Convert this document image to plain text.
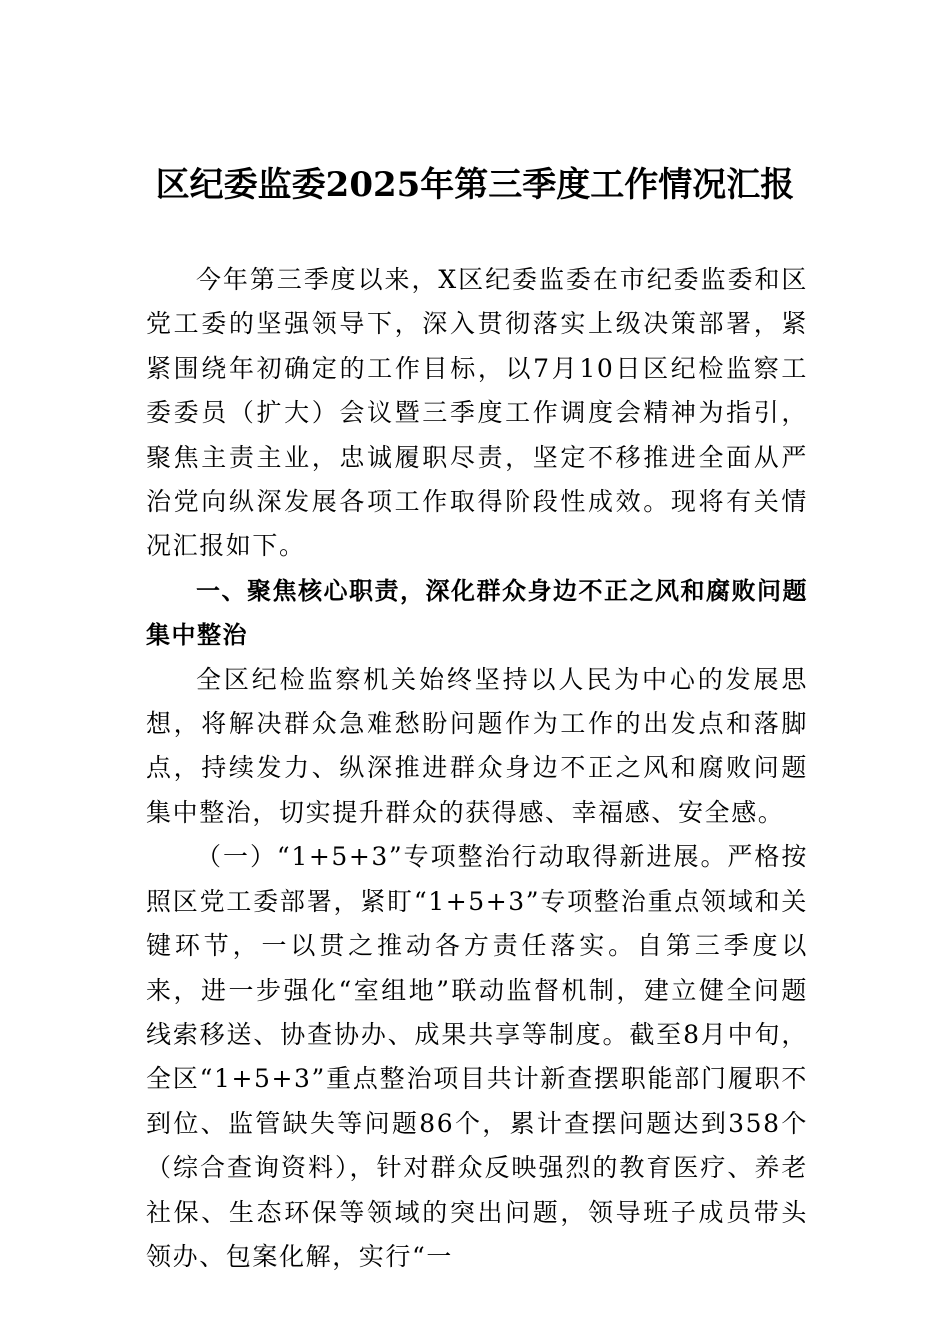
区纪委监委2025年第三季度工作情况汇报

今年第三季度以来，X区纪委监委在市纪委监委和区党工委的坚强领导下，深入贯彻落实上级决策部署，紧紧围绕年初确定的工作目标，以7月10日区纪检监察工委委员（扩大）会议暨三季度工作调度会精神为指引，聚焦主责主业，忠诚履职尽责，坚定不移推进全面从严治党向纵深发展各项工作取得阶段性成效。现将有关情况汇报如下。

一、聚焦核心职责，深化群众身边不正之风和腐败问题集中整治

全区纪检监察机关始终坚持以人民为中心的发展思想，将解决群众急难愁盼问题作为工作的出发点和落脚点，持续发力、纵深推进群众身边不正之风和腐败问题集中整治，切实提升群众的获得感、幸福感、安全感。

（一）“1+5+3”专项整治行动取得新进展。严格按照区党工委部署，紧盯“1+5+3”专项整治重点领域和关键环节，一以贯之推动各方责任落实。自第三季度以来，进一步强化“室组地”联动监督机制，建立健全问题线索移送、协查协办、成果共享等制度。截至8月中旬，全区“1+5+3”重点整治项目共计新查摆职能部门履职不到位、监管缺失等问题86个，累计查摆问题达到358个（综合查询资料），针对群众反映强烈的教育医疗、养老社保、生态环保等领域的突出问题，领导班子成员带头领办、包案化解，实行“一
